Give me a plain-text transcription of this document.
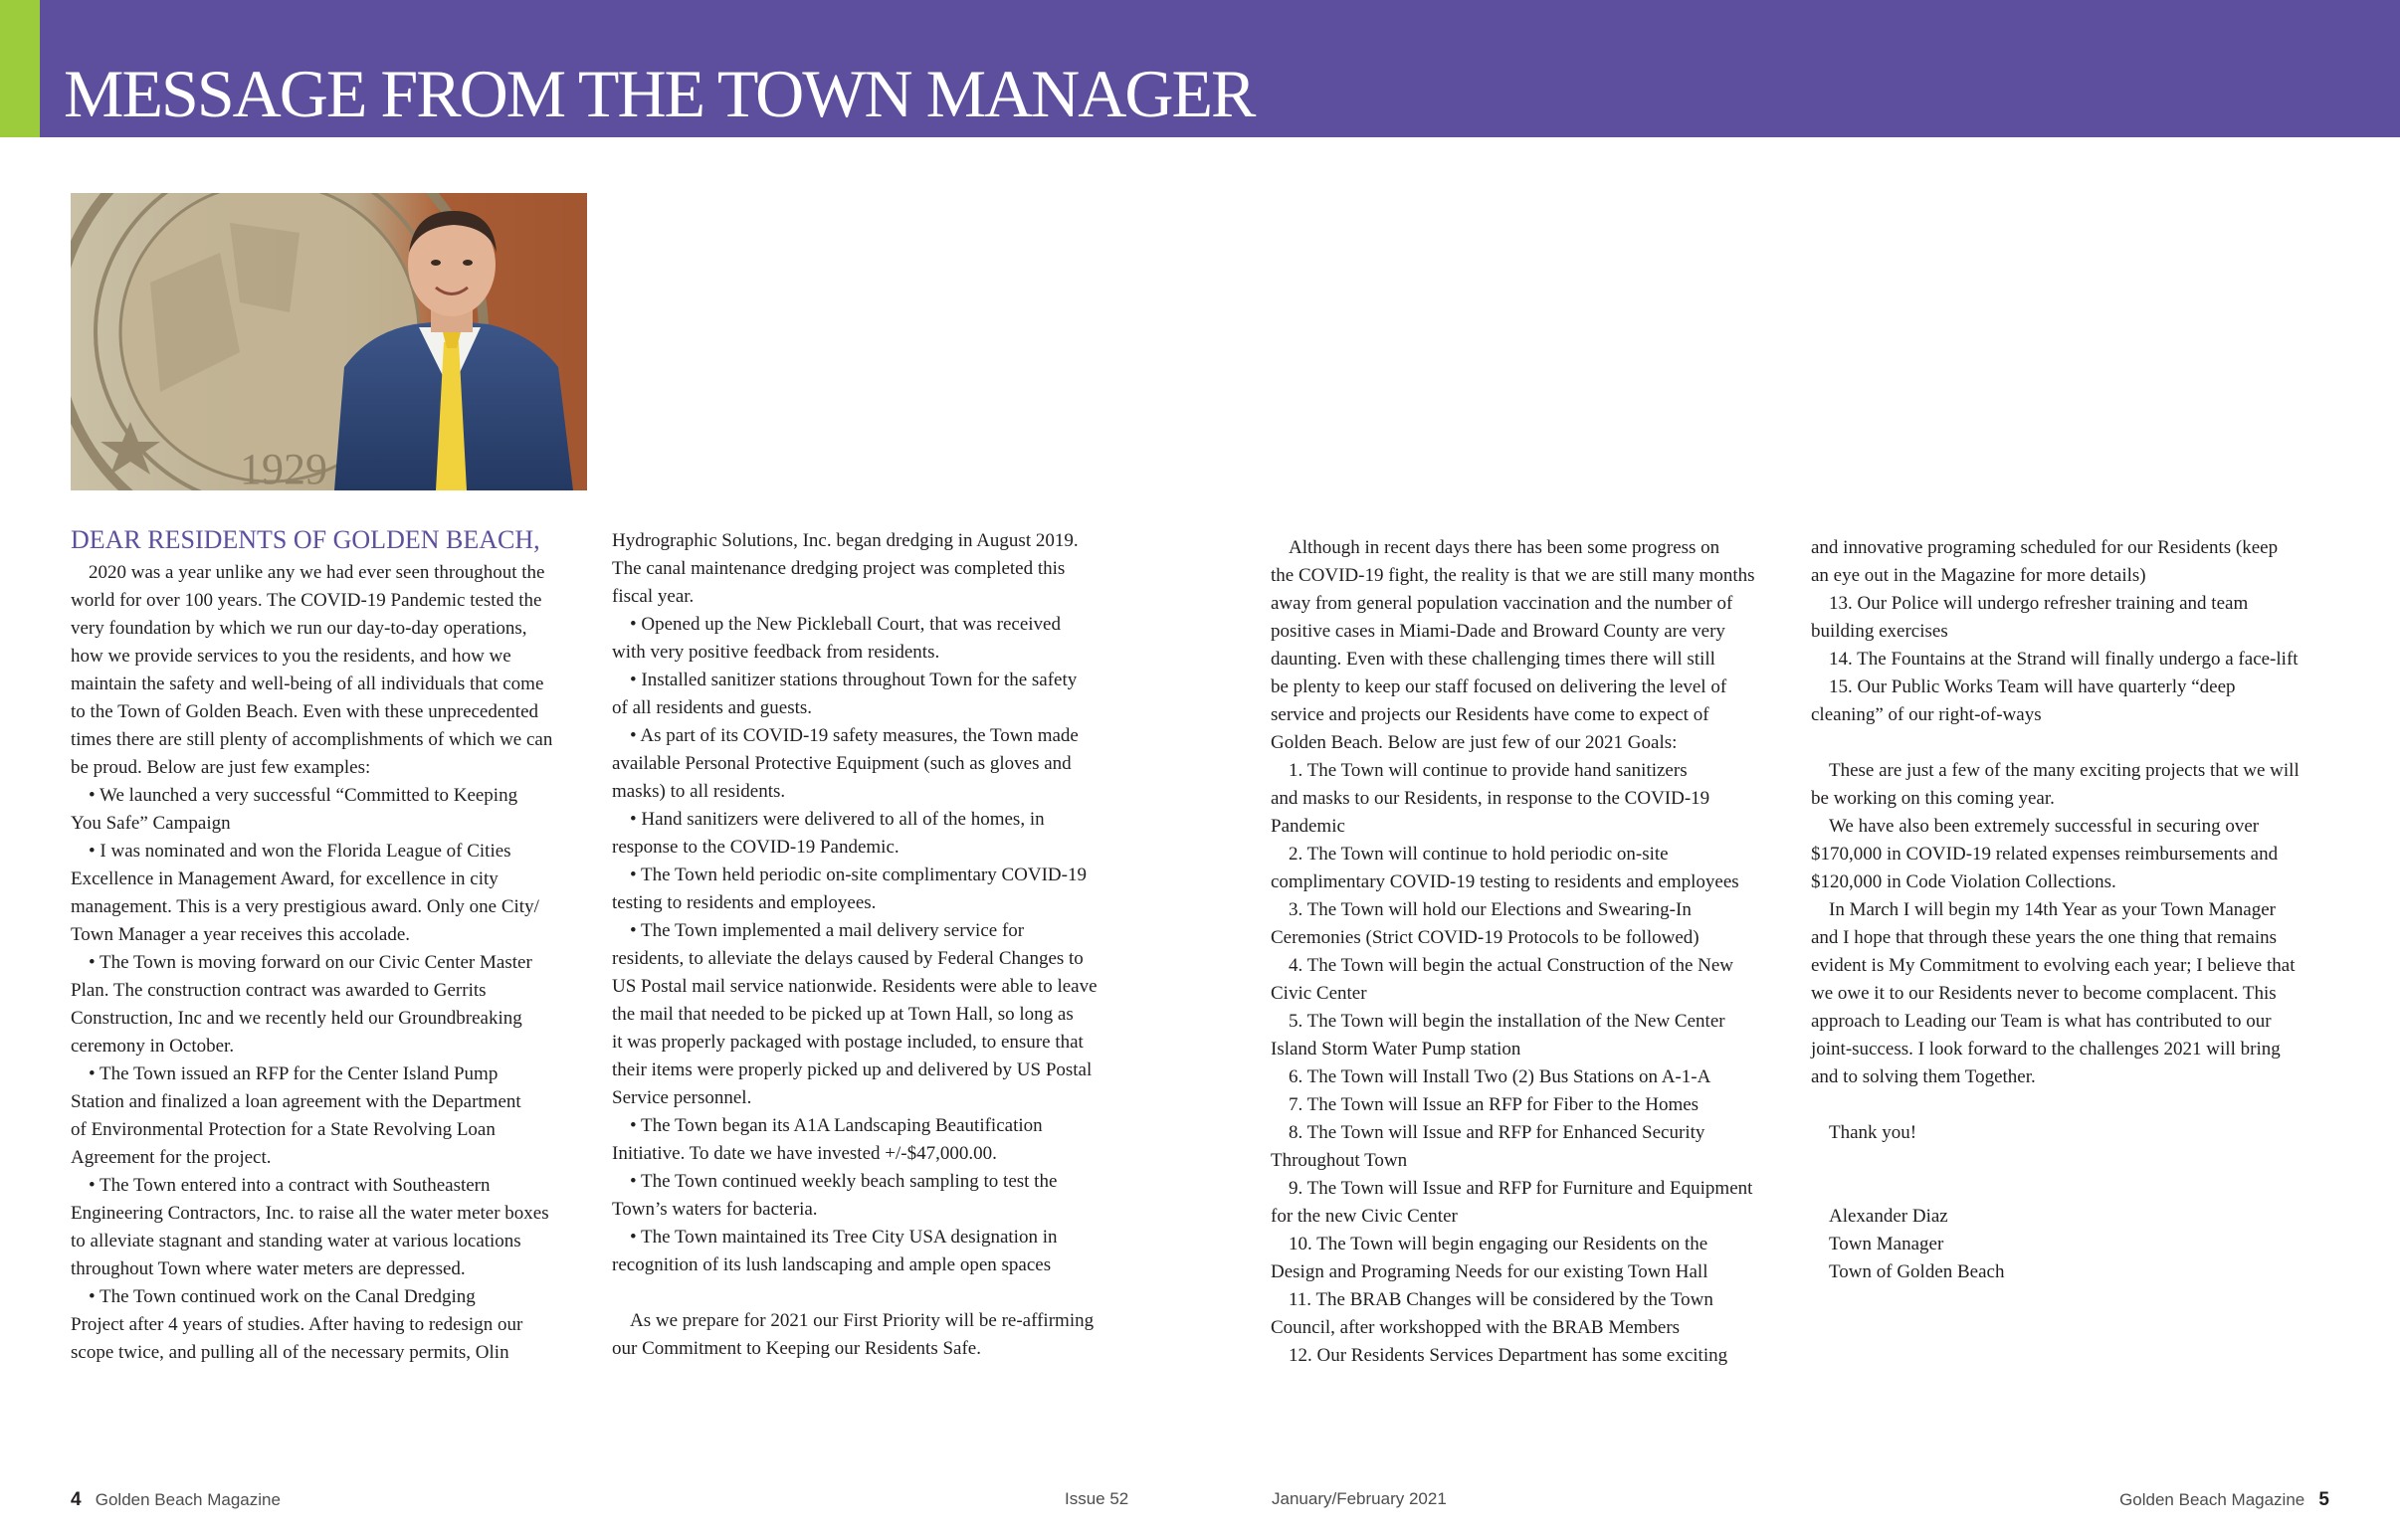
MESSAGE FROM THE TOWN MANAGER
1929
DEAR RESIDENTS OF GOLDEN BEACH,

2020 was a year unlike any we had ever seen throughout the

world for over 100 years. The COVID-19 Pandemic tested the

very foundation by which we run our day-to-day operations,

how we provide services to you the residents, and how we

maintain the safety and well-being of all individuals that come

to the Town of Golden Beach. Even with these unprecedented

times there are still plenty of accomplishments of which we can

be proud. Below are just few examples:

• We launched a very successful “Committed to Keeping

You Safe” Campaign

• I was nominated and won the Florida League of Cities

Excellence in Management Award, for excellence in city

management. This is a very prestigious award. Only one City/

Town Manager a year receives this accolade.

• The Town is moving forward on our Civic Center Master

Plan. The construction contract was awarded to Gerrits

Construction, Inc and we recently held our Groundbreaking

ceremony in October.

• The Town issued an RFP for the Center Island Pump

Station and finalized a loan agreement with the Department

of Environmental Protection for a State Revolving Loan

Agreement for the project.

• The Town entered into a contract with Southeastern

Engineering Contractors, Inc. to raise all the water meter boxes

to alleviate stagnant and standing water at various locations

throughout Town where water meters are depressed.

• The Town continued work on the Canal Dredging

Project after 4 years of studies. After having to redesign our

scope twice, and pulling all of the necessary permits, Olin

Hydrographic Solutions, Inc. began dredging in August 2019.

The canal maintenance dredging project was completed this

fiscal year.

• Opened up the New Pickleball Court, that was received

with very positive feedback from residents.

• Installed sanitizer stations throughout Town for the safety

of all residents and guests.

• As part of its COVID-19 safety measures, the Town made

available Personal Protective Equipment (such as gloves and

masks) to all residents.

• Hand sanitizers were delivered to all of the homes, in

response to the COVID-19 Pandemic.

• The Town held periodic on-site complimentary COVID-19

testing to residents and employees.

• The Town implemented a mail delivery service for

residents, to alleviate the delays caused by Federal Changes to

US Postal mail service nationwide. Residents were able to leave

the mail that needed to be picked up at Town Hall, so long as

it was properly packaged with postage included, to ensure that

their items were properly picked up and delivered by US Postal

Service personnel.

• The Town began its A1A Landscaping Beautification

Initiative. To date we have invested +/-$47,000.00.

• The Town continued weekly beach sampling to test the

Town’s waters for bacteria.

• The Town maintained its Tree City USA designation in

recognition of its lush landscaping and ample open spaces

As we prepare for 2021 our First Priority will be re-affirming

our Commitment to Keeping our Residents Safe.

Although in recent days there has been some progress on

the COVID-19 fight, the reality is that we are still many months

away from general population vaccination and the number of

positive cases in Miami-Dade and Broward County are very

daunting. Even with these challenging times there will still

be plenty to keep our staff focused on delivering the level of

service and projects our Residents have come to expect of

Golden Beach. Below are just few of our 2021 Goals:

1. The Town will continue to provide hand sanitizers

and masks to our Residents, in response to the COVID-19

Pandemic

2. The Town will continue to hold periodic on-site

complimentary COVID-19 testing to residents and employees

3. The Town will hold our Elections and Swearing-In

Ceremonies (Strict COVID-19 Protocols to be followed)

4. The Town will begin the actual Construction of the New

Civic Center

5. The Town will begin the installation of the New Center

Island Storm Water Pump station

6. The Town will Install Two (2) Bus Stations on A-1-A

7. The Town will Issue an RFP for Fiber to the Homes

8. The Town will Issue and RFP for Enhanced Security

Throughout Town

9. The Town will Issue and RFP for Furniture and Equipment

for the new Civic Center

10. The Town will begin engaging our Residents on the

Design and Programing Needs for our existing Town Hall

11. The BRAB Changes will be considered by the Town

Council, after workshopped with the BRAB Members

12. Our Residents Services Department has some exciting

and innovative programing scheduled for our Residents (keep

an eye out in the Magazine for more details)

13. Our Police will undergo refresher training and team

building exercises

14. The Fountains at the Strand will finally undergo a face-lift

15. Our Public Works Team will have quarterly “deep

cleaning” of our right-of-ways

These are just a few of the many exciting projects that we will

be working on this coming year.

We have also been extremely successful in securing over

$170,000 in COVID-19 related expenses reimbursements and

$120,000 in Code Violation Collections.

In March I will begin my 14th Year as your Town Manager

and I hope that through these years the one thing that remains

evident is My Commitment to evolving each year; I believe that

we owe it to our Residents never to become complacent. This

approach to Leading our Team is what has contributed to our

joint-success. I look forward to the challenges 2021 will bring

and to solving them Together.

Thank you!

Alexander Diaz

Town Manager

Town of Golden Beach

4 Golden Beach Magazine	Issue 52	January/February 2021	Golden Beach Magazine 5
